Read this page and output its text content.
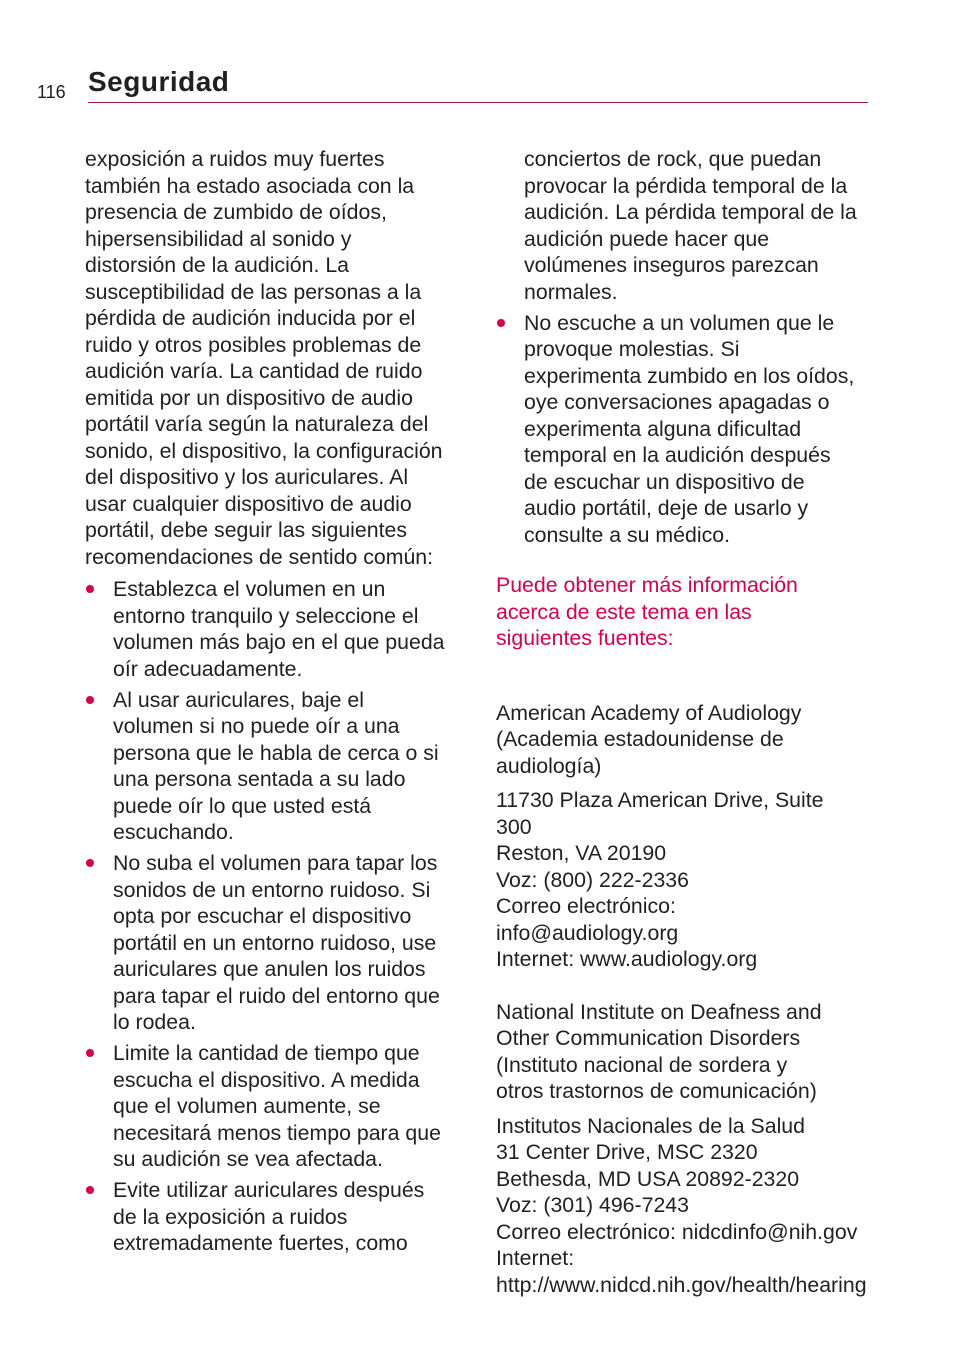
116 Seguridad

exposición a ruidos muy fuertes
también ha estado asociada con la
presencia de zumbido de oídos,
hipersensibilidad al sonido y
distorsión de la audición. La
susceptibilidad de las personas a la
pérdida de audición inducida por el
ruido y otros posibles problemas de
audición varía. La cantidad de ruido
emitida por un dispositivo de audio
portátil varía según la naturaleza del
sonido, el dispositivo, la configuración
del dispositivo y los auriculares. Al
usar cualquier dispositivo de audio
portátil, debe seguir las siguientes
recomendaciones de sentido común:

Establezca el volumen en un
entorno tranquilo y seleccione el
volumen más bajo en el que pueda
oír adecuadamente.
Al usar auriculares, baje el
volumen si no puede oír a una
persona que le habla de cerca o si
una persona sentada a su lado
puede oír lo que usted está
escuchando.
No suba el volumen para tapar los
sonidos de un entorno ruidoso. Si
opta por escuchar el dispositivo
portátil en un entorno ruidoso, use
auriculares que anulen los ruidos
para tapar el ruido del entorno que
lo rodea.
Limite la cantidad de tiempo que
escucha el dispositivo. A medida
que el volumen aumente, se
necesitará menos tiempo para que
su audición se vea afectada.
Evite utilizar auriculares después
de la exposición a ruidos
extremadamente fuertes, como

conciertos de rock, que puedan
provocar la pérdida temporal de la
audición. La pérdida temporal de la
audición puede hacer que
volúmenes inseguros parezcan
normales.

No escuche a un volumen que le
provoque molestias. Si
experimenta zumbido en los oídos,
oye conversaciones apagadas o
experimenta alguna dificultad
temporal en la audición después
de escuchar un dispositivo de
audio portátil, deje de usarlo y
consulte a su médico.

Puede obtener más información
acerca de este tema en las
siguientes fuentes:

American Academy of Audiology
(Academia estadounidense de
audiología)

11730 Plaza American Drive, Suite
300
Reston, VA 20190
Voz: (800) 222-2336
Correo electrónico:
info@audiology.org
Internet: www.audiology.org

National Institute on Deafness and
Other Communication Disorders
(Instituto nacional de sordera y
otros trastornos de comunicación)

Institutos Nacionales de la Salud
31 Center Drive, MSC 2320
Bethesda, MD USA 20892-2320
Voz: (301) 496-7243
Correo electrónico: nidcdinfo@nih.gov
Internet:
http://www.nidcd.nih.gov/health/hearing
